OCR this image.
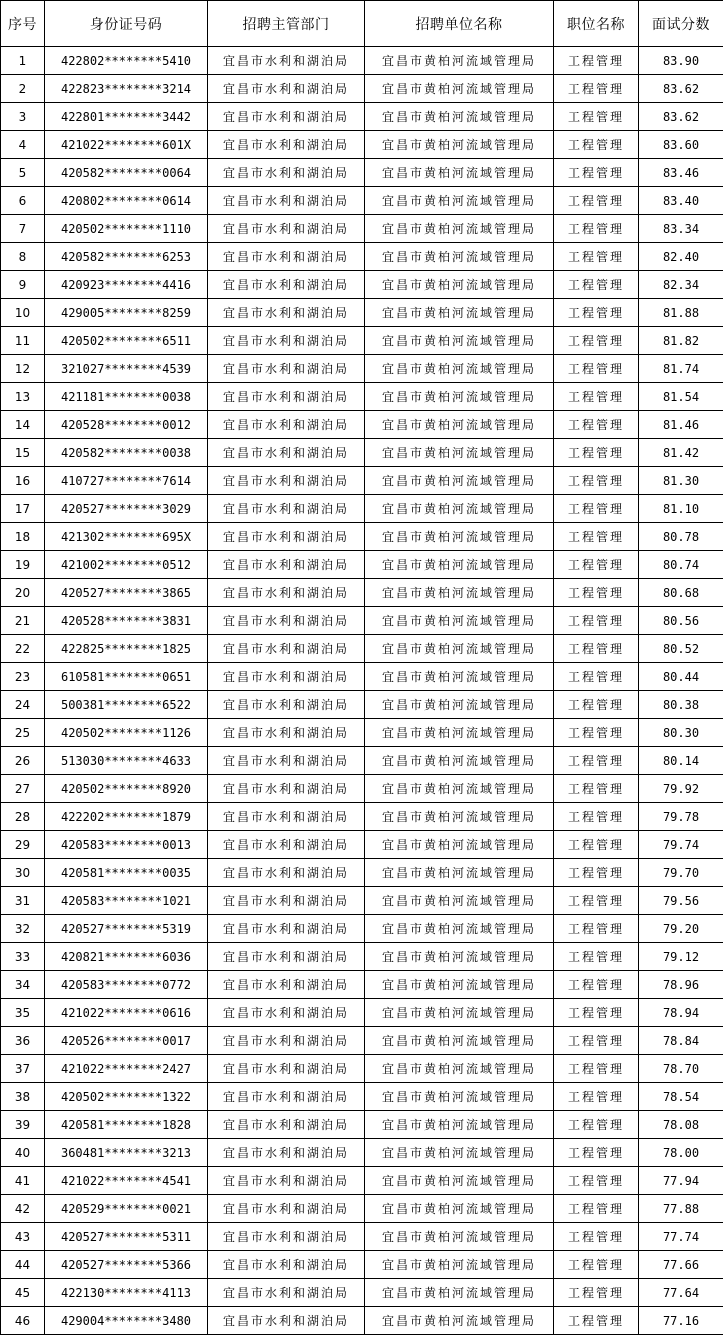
序号	身份证号码	招聘主管部门	招聘单位名称	职位名称	面试分数
1	422802********5410	宜昌市水利和湖泊局	宜昌市黄柏河流域管理局	工程管理	83.90
2	422823********3214	宜昌市水利和湖泊局	宜昌市黄柏河流域管理局	工程管理	83.62
3	422801********3442	宜昌市水利和湖泊局	宜昌市黄柏河流域管理局	工程管理	83.62
4	421022********601X	宜昌市水利和湖泊局	宜昌市黄柏河流域管理局	工程管理	83.60
5	420582********0064	宜昌市水利和湖泊局	宜昌市黄柏河流域管理局	工程管理	83.46
6	420802********0614	宜昌市水利和湖泊局	宜昌市黄柏河流域管理局	工程管理	83.40
7	420502********1110	宜昌市水利和湖泊局	宜昌市黄柏河流域管理局	工程管理	83.34
8	420582********6253	宜昌市水利和湖泊局	宜昌市黄柏河流域管理局	工程管理	82.40
9	420923********4416	宜昌市水利和湖泊局	宜昌市黄柏河流域管理局	工程管理	82.34
10	429005********8259	宜昌市水利和湖泊局	宜昌市黄柏河流域管理局	工程管理	81.88
11	420502********6511	宜昌市水利和湖泊局	宜昌市黄柏河流域管理局	工程管理	81.82
12	321027********4539	宜昌市水利和湖泊局	宜昌市黄柏河流域管理局	工程管理	81.74
13	421181********0038	宜昌市水利和湖泊局	宜昌市黄柏河流域管理局	工程管理	81.54
14	420528********0012	宜昌市水利和湖泊局	宜昌市黄柏河流域管理局	工程管理	81.46
15	420582********0038	宜昌市水利和湖泊局	宜昌市黄柏河流域管理局	工程管理	81.42
16	410727********7614	宜昌市水利和湖泊局	宜昌市黄柏河流域管理局	工程管理	81.30
17	420527********3029	宜昌市水利和湖泊局	宜昌市黄柏河流域管理局	工程管理	81.10
18	421302********695X	宜昌市水利和湖泊局	宜昌市黄柏河流域管理局	工程管理	80.78
19	421002********0512	宜昌市水利和湖泊局	宜昌市黄柏河流域管理局	工程管理	80.74
20	420527********3865	宜昌市水利和湖泊局	宜昌市黄柏河流域管理局	工程管理	80.68
21	420528********3831	宜昌市水利和湖泊局	宜昌市黄柏河流域管理局	工程管理	80.56
22	422825********1825	宜昌市水利和湖泊局	宜昌市黄柏河流域管理局	工程管理	80.52
23	610581********0651	宜昌市水利和湖泊局	宜昌市黄柏河流域管理局	工程管理	80.44
24	500381********6522	宜昌市水利和湖泊局	宜昌市黄柏河流域管理局	工程管理	80.38
25	420502********1126	宜昌市水利和湖泊局	宜昌市黄柏河流域管理局	工程管理	80.30
26	513030********4633	宜昌市水利和湖泊局	宜昌市黄柏河流域管理局	工程管理	80.14
27	420502********8920	宜昌市水利和湖泊局	宜昌市黄柏河流域管理局	工程管理	79.92
28	422202********1879	宜昌市水利和湖泊局	宜昌市黄柏河流域管理局	工程管理	79.78
29	420583********0013	宜昌市水利和湖泊局	宜昌市黄柏河流域管理局	工程管理	79.74
30	420581********0035	宜昌市水利和湖泊局	宜昌市黄柏河流域管理局	工程管理	79.70
31	420583********1021	宜昌市水利和湖泊局	宜昌市黄柏河流域管理局	工程管理	79.56
32	420527********5319	宜昌市水利和湖泊局	宜昌市黄柏河流域管理局	工程管理	79.20
33	420821********6036	宜昌市水利和湖泊局	宜昌市黄柏河流域管理局	工程管理	79.12
34	420583********0772	宜昌市水利和湖泊局	宜昌市黄柏河流域管理局	工程管理	78.96
35	421022********0616	宜昌市水利和湖泊局	宜昌市黄柏河流域管理局	工程管理	78.94
36	420526********0017	宜昌市水利和湖泊局	宜昌市黄柏河流域管理局	工程管理	78.84
37	421022********2427	宜昌市水利和湖泊局	宜昌市黄柏河流域管理局	工程管理	78.70
38	420502********1322	宜昌市水利和湖泊局	宜昌市黄柏河流域管理局	工程管理	78.54
39	420581********1828	宜昌市水利和湖泊局	宜昌市黄柏河流域管理局	工程管理	78.08
40	360481********3213	宜昌市水利和湖泊局	宜昌市黄柏河流域管理局	工程管理	78.00
41	421022********4541	宜昌市水利和湖泊局	宜昌市黄柏河流域管理局	工程管理	77.94
42	420529********0021	宜昌市水利和湖泊局	宜昌市黄柏河流域管理局	工程管理	77.88
43	420527********5311	宜昌市水利和湖泊局	宜昌市黄柏河流域管理局	工程管理	77.74
44	420527********5366	宜昌市水利和湖泊局	宜昌市黄柏河流域管理局	工程管理	77.66
45	422130********4113	宜昌市水利和湖泊局	宜昌市黄柏河流域管理局	工程管理	77.64
46	429004********3480	宜昌市水利和湖泊局	宜昌市黄柏河流域管理局	工程管理	77.16
